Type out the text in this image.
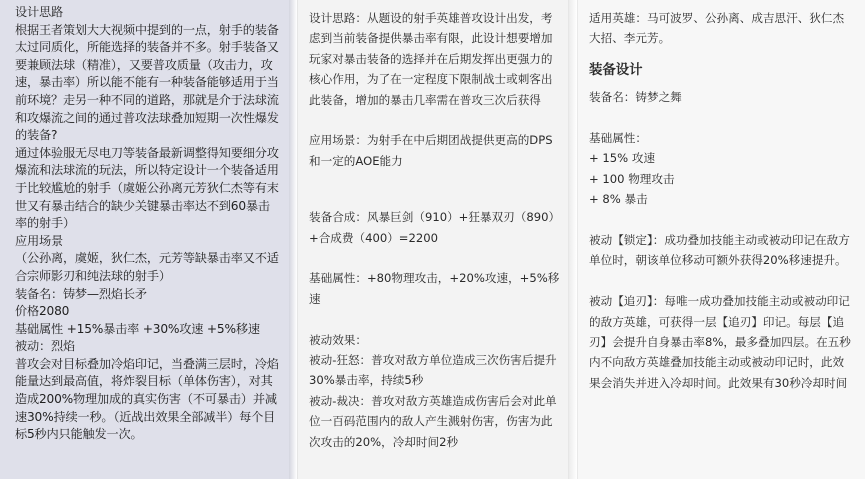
设计思路

根据王者策划大大视频中提到的一点，射手的装备太过同质化，所能选择的装备并不多。射手装备又要兼顾法球（精准），又要普攻质量（攻击力，攻速，暴击率）所以能不能有一种装备能够适用于当前环境？走另一种不同的道路，那就是介于法球流和攻爆流之间的通过普攻法球叠加短期一次性爆发的装备?

通过体验服无尽电刀等装备最新调整得知要细分攻爆流和法球流的玩法，所以特定设计一个装备适用于比较尴尬的射手（虞姬公孙离元芳狄仁杰等有末世又有暴击结合的缺少关键暴击率达不到60暴击率的射手）

应用场景

（公孙离，虞姬，狄仁杰，元芳等缺暴击率又不适合宗师影刃和纯法球的射手）

装备名：铸梦—烈焰长矛

价格2080

基础属性 +15%暴击率 +30%攻速 +5%移速

被动：烈焰

普攻会对目标叠加冷焰印记，当叠满三层时，冷焰能量达到最高值，将炸裂目标（单体伤害），对其造成200%物理加成的真实伤害（不可暴击）并减速30%持续一秒。（近战出效果全部减半）每个目标5秒内只能触发一次。

设计思路：从题设的射手英雄普攻设计出发，考虑到当前装备提供暴击率有限，此设计想要增加玩家对暴击装备的选择并在后期发挥出更强力的核心作用，为了在一定程度下限制战士或刺客出此装备，增加的暴击几率需在普攻三次后获得

应用场景：为射手在中后期团战提供更高的DPS和一定的AOE能力

装备合成：风暴巨剑（910）+狂暴双刃（890）+合成费（400）=2200

基础属性：+80物理攻击，+20%攻速，+5%移速

被动效果：

被动-狂怒：普攻对敌方单位造成三次伤害后提升30%暴击率，持续5秒

被动-裁决：普攻对敌方英雄造成伤害后会对此单位一百码范围内的敌人产生溅射伤害，伤害为此次攻击的20%，冷却时间2秒

适用英雄：马可波罗、公孙离、成吉思汗、狄仁杰大招、李元芳。

装备设计

装备名：铸梦之舞

基础属性：

+ 15% 攻速

+ 100 物理攻击

+ 8% 暴击

被动【锁定】：成功叠加技能主动或被动印记在敌方单位时，朝该单位移动可额外获得20%移速提升。

被动【追刃】：每唯一成功叠加技能主动或被动印记的敌方英雄，可获得一层【追刃】印记。每层【追刃】会提升自身暴击率8%，最多叠加四层。在五秒内不向敌方英雄叠加技能主动或被动印记时，此效果会消失并进入冷却时间。此效果有30秒冷却时间
